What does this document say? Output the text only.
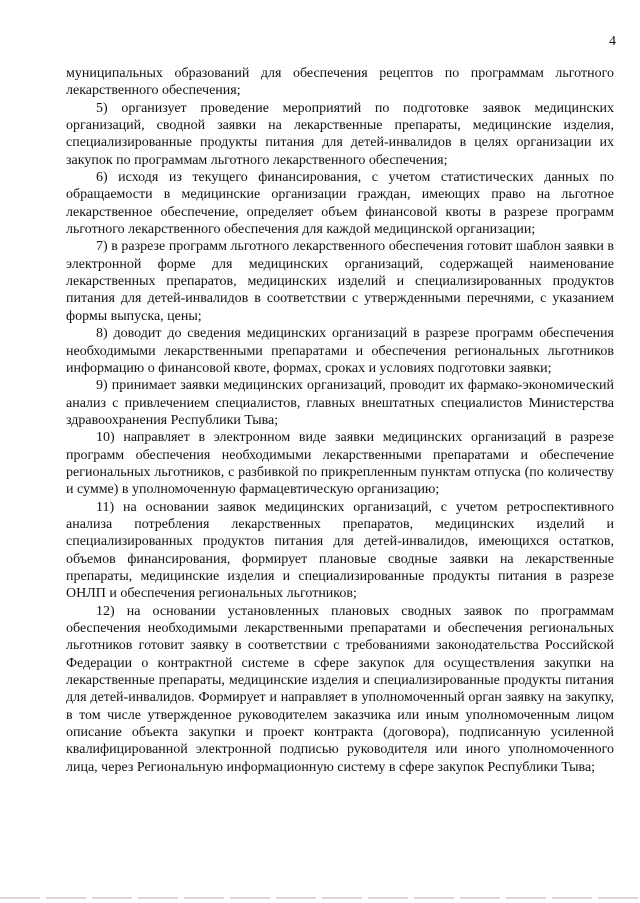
4

муниципальных образований для обеспечения рецептов по программам льготного лекарственного обеспечения;

5) организует проведение мероприятий по подготовке заявок медицинских организаций, сводной заявки на лекарственные препараты, медицинские изделия, специализированные продукты питания для детей-инвалидов в целях организации их закупок по программам льготного лекарственного обеспечения;

6) исходя из текущего финансирования, с учетом статистических данных по обращаемости в медицинские организации граждан, имеющих право на льготное лекарственное обеспечение, определяет объем финансовой квоты в разрезе программ льготного лекарственного обеспечения для каждой медицинской организации;

7) в разрезе программ льготного лекарственного обеспечения готовит шаблон заявки в электронной форме для медицинских организаций, содержащей наименование лекарственных препаратов, медицинских изделий и специализированных продуктов питания для детей-инвалидов в соответствии с утвержденными перечнями, с указанием формы выпуска, цены;

8) доводит до сведения медицинских организаций в разрезе программ обеспечения необходимыми лекарственными препаратами и обеспечения региональных льготников информацию о финансовой квоте, формах, сроках и условиях подготовки заявки;

9) принимает заявки медицинских организаций, проводит их фармако-экономический анализ с привлечением специалистов, главных внештатных специалистов Министерства здравоохранения Республики Тыва;

10) направляет в электронном виде заявки медицинских организаций в разрезе программ обеспечения необходимыми лекарственными препаратами и обеспечение региональных льготников, с разбивкой по прикрепленным пунктам отпуска (по количеству и сумме) в уполномоченную фармацевтическую организацию;

11) на основании заявок медицинских организаций, с учетом ретроспективного анализа потребления лекарственных препаратов, медицинских изделий и специализированных продуктов питания для детей-инвалидов, имеющихся остатков, объемов финансирования, формирует плановые сводные заявки на лекарственные препараты, медицинские изделия и специализированные продукты питания в разрезе ОНЛП и обеспечения региональных льготников;

12) на основании установленных плановых сводных заявок по программам обеспечения необходимыми лекарственными препаратами и обеспечения региональных льготников готовит заявку в соответствии с требованиями законодательства Российской Федерации о контрактной системе в сфере закупок для осуществления закупки на лекарственные препараты, медицинские изделия и специализированные продукты питания для детей-инвалидов. Формирует и направляет в уполномоченный орган заявку на закупку, в том числе утвержденное руководителем заказчика или иным уполномоченным лицом описание объекта закупки и проект контракта (договора), подписанную усиленной квалифицированной электронной подписью руководителя или иного уполномоченного лица, через Региональную информационную систему в сфере закупок Республики Тыва;
